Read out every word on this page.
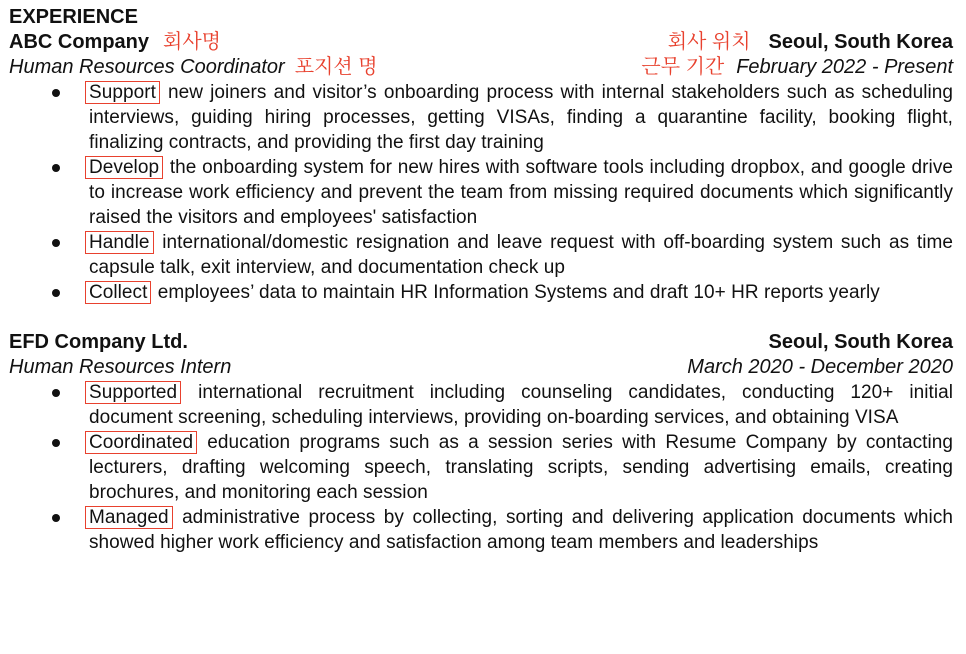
EXPERIENCE
ABC Company 회사명	회사 위치 Seoul, South Korea
Human Resources Coordinator 포지션 명	근무 기간 February 2022 - Present
Support new joiners and visitor’s onboarding process with internal stakeholders such as scheduling interviews, guiding hiring processes, getting VISAs, finding a quarantine facility, booking flight, finalizing contracts, and providing the first day training
Develop the onboarding system for new hires with software tools including dropbox, and google drive to increase work efficiency and prevent the team from missing required documents which significantly raised the visitors and employees' satisfaction
Handle international/domestic resignation and leave request with off-boarding system such as time capsule talk, exit interview, and documentation check up
Collect employees’ data to maintain HR Information Systems and draft 10+ HR reports yearly
EFD Company Ltd.	Seoul, South Korea
Human Resources Intern	March 2020 - December 2020
Supported international recruitment including counseling candidates, conducting 120+ initial document screening, scheduling interviews, providing on-boarding services, and obtaining VISA
Coordinated education programs such as a session series with Resume Company by contacting lecturers, drafting welcoming speech, translating scripts, sending advertising emails, creating brochures, and monitoring each session
Managed administrative process by collecting, sorting and delivering application documents which showed higher work efficiency and satisfaction among team members and leaderships
